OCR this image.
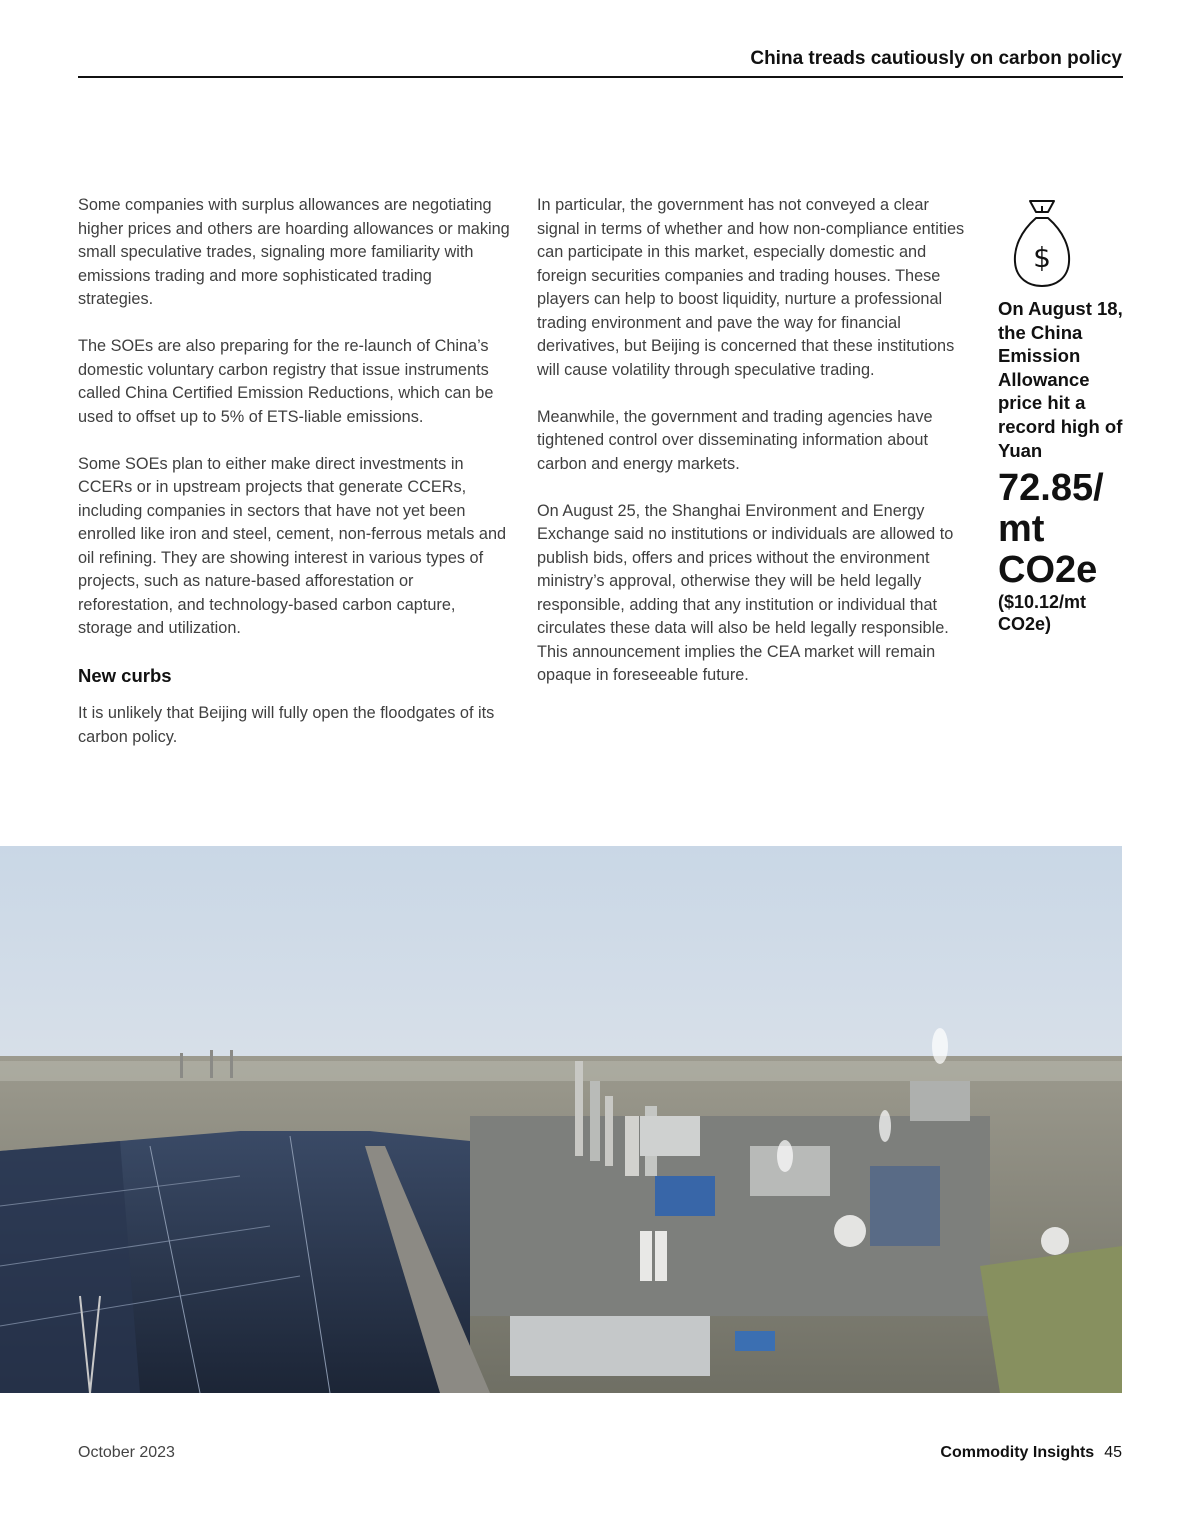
China treads cautiously on carbon policy

Some companies with surplus allowances are negotiating higher prices and others are hoarding allowances or making small speculative trades, signaling more familiarity with emissions trading and more sophisticated trading strategies.

The SOEs are also preparing for the re-launch of China’s domestic voluntary carbon registry that issue instruments called China Certified Emission Reductions, which can be used to offset up to 5% of ETS-liable emissions.

Some SOEs plan to either make direct investments in CCERs or in upstream projects that generate CCERs, including companies in sectors that have not yet been enrolled like iron and steel, cement, non-ferrous metals and oil refining. They are showing interest in various types of projects, such as nature-based afforestation or reforestation, and technology-based carbon capture, storage and utilization.

New curbs

It is unlikely that Beijing will fully open the floodgates of its carbon policy.

In particular, the government has not conveyed a clear signal in terms of whether and how non-compliance entities can participate in this market, especially domestic and foreign securities companies and trading houses. These players can help to boost liquidity, nurture a professional trading environment and pave the way for financial derivatives, but Beijing is concerned that these institutions will cause volatility through speculative trading.

Meanwhile, the government and trading agencies have tightened control over disseminating information about carbon and energy markets.

On August 25, the Shanghai Environment and Energy Exchange said no institutions or individuals are allowed to publish bids, offers and prices without the environment ministry’s approval, otherwise they will be held legally responsible, adding that any institution or individual that circulates these data will also be held legally responsible. This announcement implies the CEA market will remain opaque in foreseeable future.

$
On August 18, the China Emission Allowance price hit a record high of Yuan
72.85/ mt CO2e
($10.12/mt CO2e)
October 2023	Commodity Insights 45
